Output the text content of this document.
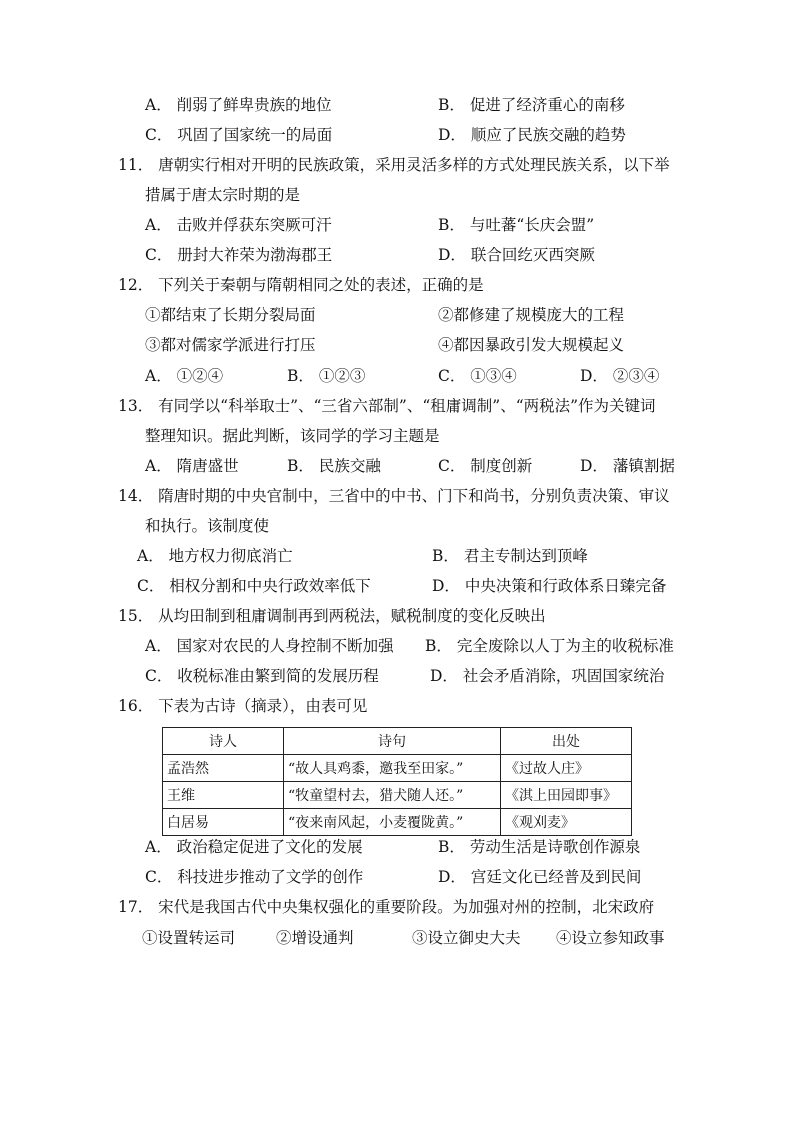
A． 削弱了鲜卑贵族的地位	B． 促进了经济重心的南移
C． 巩固了国家统一的局面	D． 顺应了民族交融的趋势
11． 唐朝实行相对开明的民族政策，采用灵活多样的方式处理民族关系，以下举
措属于唐太宗时期的是
A． 击败并俘获东突厥可汗	B． 与吐蕃“长庆会盟”
C． 册封大祚荣为渤海郡王	D． 联合回纥灭西突厥
12． 下列关于秦朝与隋朝相同之处的表述，正确的是
①都结束了长期分裂局面	②都修建了规模庞大的工程
③都对儒家学派进行打压	④都因暴政引发大规模起义
A． ①②④	B． ①②③	C． ①③④	D． ②③④
13． 有同学以“科举取士”、“三省六部制”、“租庸调制”、“两税法”作为关键词
整理知识。据此判断，该同学的学习主题是
A． 隋唐盛世	B． 民族交融	C． 制度创新	D． 藩镇割据
14． 隋唐时期的中央官制中，三省中的中书、门下和尚书，分别负责决策、审议
和执行。该制度使
A． 地方权力彻底消亡	B． 君主专制达到顶峰
C． 相权分割和中央行政效率低下	D． 中央决策和行政体系日臻完备
15． 从均田制到租庸调制再到两税法，赋税制度的变化反映出
A． 国家对农民的人身控制不断加强 B． 完全废除以人丁为主的收税标准
C． 收税标准由繁到简的发展历程	D． 社会矛盾消除，巩固国家统治
16． 下表为古诗（摘录），由表可见
诗人	诗句	出处
孟浩然	“故人具鸡黍，邀我至田家。”	《过故人庄》
王维	“牧童望村去，猎犬随人还。”	《淇上田园即事》
白居易	“夜来南风起，小麦覆陇黄。”	《观刈麦》
A． 政治稳定促进了文化的发展	B． 劳动生活是诗歌创作源泉
C． 科技进步推动了文学的创作	D． 宫廷文化已经普及到民间
17． 宋代是我国古代中央集权强化的重要阶段。为加强对州的控制，北宋政府
①设置转运司	②增设通判	③设立御史大夫 ④设立参知政事
